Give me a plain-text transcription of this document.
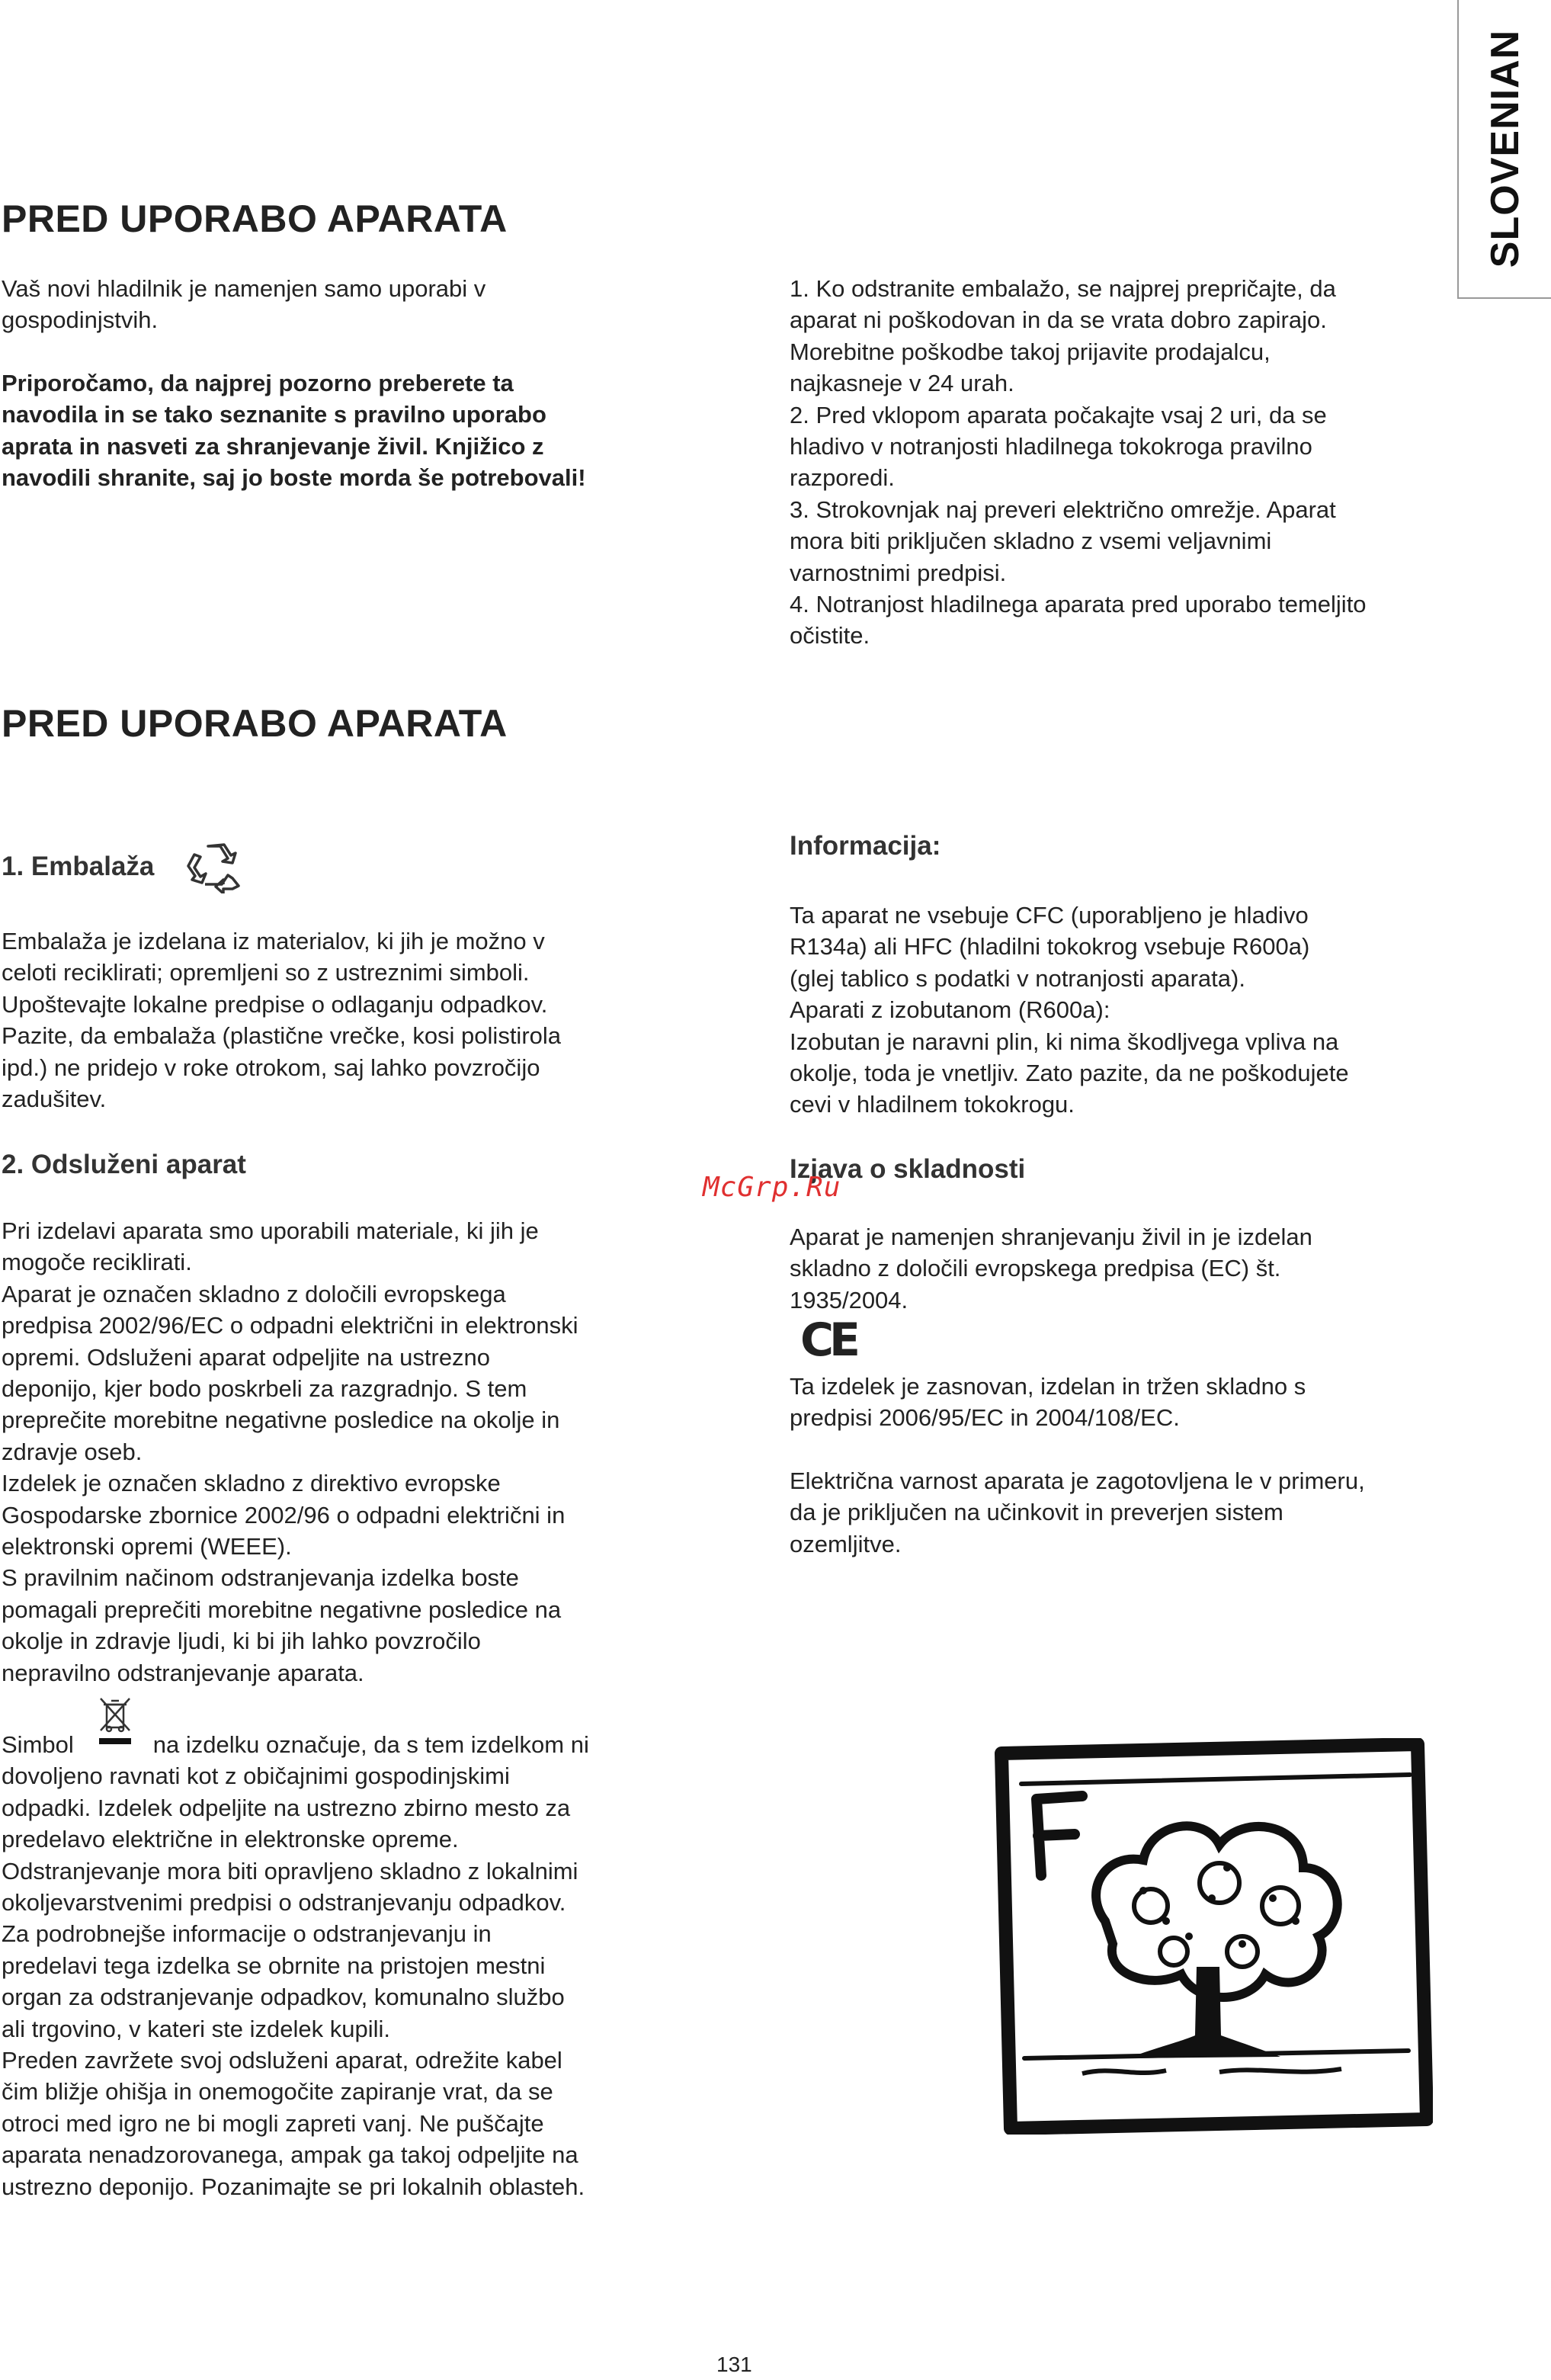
SLOVENIAN
PRED UPORABO APARATA

Vaš novi hladilnik je namenjen samo uporabi v
gospodinjstvih.

Priporočamo, da najprej pozorno preberete ta
navodila in se tako seznanite s pravilno uporabo
aprata in nasveti za shranjevanje živil. Knjižico z
navodili shranite, saj jo boste morda še potrebovali!

1. Ko odstranite embalažo, se najprej prepričajte, da
aparat ni poškodovan in da se vrata dobro zapirajo.
Morebitne poškodbe takoj prijavite prodajalcu,
najkasneje v 24 urah.
2. Pred vklopom aparata počakajte vsaj 2 uri, da se
hladivo v notranjosti hladilnega tokokroga pravilno
razporedi.
3. Strokovnjak naj preveri električno omrežje. Aparat
mora biti priključen skladno z vsemi veljavnimi
varnostnimi predpisi.
4. Notranjost hladilnega aparata pred uporabo temeljito
očistite.

PRED UPORABO APARATA
1. Embalaža

Embalaža je izdelana iz materialov, ki jih je možno v
celoti reciklirati; opremljeni so z ustreznimi simboli.
Upoštevajte lokalne predpise o odlaganju odpadkov.
Pazite, da embalaža (plastične vrečke, kosi polistirola
ipd.) ne pridejo v roke otrokom, saj lahko povzročijo
zadušitev.

2. Odsluženi aparat

Pri izdelavi aparata smo uporabili materiale, ki jih je
mogoče reciklirati.
Aparat je označen skladno z določili evropskega
predpisa 2002/96/EC o odpadni električni in elektronski
opremi. Odsluženi aparat odpeljite na ustrezno
deponijo, kjer bodo poskrbeli za razgradnjo. S tem
preprečite morebitne negativne posledice na okolje in
zdravje oseb.
Izdelek je označen skladno z direktivo evropske
Gospodarske zbornice 2002/96 o odpadni električni in
elektronski opremi (WEEE).
S pravilnim načinom odstranjevanja izdelka boste
pomagali preprečiti morebitne negativne posledice na
okolje in zdravje ljudi, ki bi jih lahko povzročilo
nepravilno odstranjevanje aparata.

Simbol	na izdelku označuje, da s tem izdelkom ni
dovoljeno ravnati kot z običajnimi gospodinjskimi
odpadki. Izdelek odpeljite na ustrezno zbirno mesto za
predelavo električne in elektronske opreme.
Odstranjevanje mora biti opravljeno skladno z lokalnimi
okoljevarstvenimi predpisi o odstranjevanju odpadkov.
Za podrobnejše informacije o odstranjevanju in
predelavi tega izdelka se obrnite na pristojen mestni
organ za odstranjevanje odpadkov, komunalno službo
ali trgovino, v kateri ste izdelek kupili.
Preden zavržete svoj odsluženi aparat, odrežite kabel
čim bližje ohišja in onemogočite zapiranje vrat, da se
otroci med igro ne bi mogli zapreti vanj. Ne puščajte
aparata nenadzorovanega, ampak ga takoj odpeljite na
ustrezno deponijo. Pozanimajte se pri lokalnih oblasteh.

Informacija:

Ta aparat ne vsebuje CFC (uporabljeno je hladivo
R134a) ali HFC (hladilni tokokrog vsebuje R600a)
(glej tablico s podatki v notranjosti aparata).
Aparati z izobutanom (R600a):
Izobutan je naravni plin, ki nima škodljvega vpliva na
okolje, toda je vnetljiv. Zato pazite, da ne poškodujete
cevi v hladilnem tokokrogu.

Izjava o skladnosti

Aparat je namenjen shranjevanju živil in je izdelan
skladno z določili evropskega predpisa (EC) št.
1935/2004.

CE

Ta izdelek je zasnovan, izdelan in tržen skladno s
predpisi 2006/95/EC in 2004/108/EC.

Električna varnost aparata je zagotovljena le v primeru,
da je priključen na učinkovit in preverjen sistem
ozemljitve.

McGrp.Ru
131
